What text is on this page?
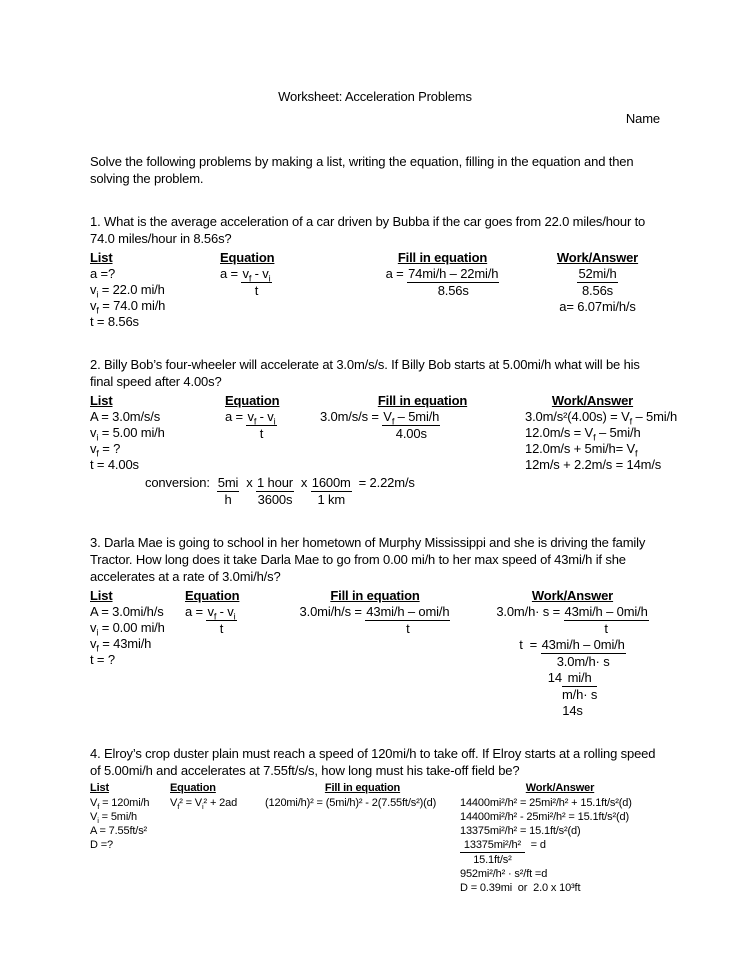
Worksheet: Acceleration Problems
Name

Solve the following problems by making a list, writing the equation, filling in the equation and then solving the problem.

1. What is the average acceleration of a car driven by Bubba if the car goes from 22.0 miles/hour to 74.0 miles/hour in 8.56s?

List
a =?
$v_i = 22.0$ mi/h
$v_f = 74.0$ mi/h
t = 8.56s
Equation
$a = \frac{v_f - v_i}{t}$
Fill in equation
$a = \frac{74mi/h - 22mi/h}{8.56s}$
Work/Answer
$\frac{52mi/h}{8.56s}$
a= 6.07mi/h/s

2. Billy Bob’s four-wheeler will accelerate at 3.0m/s/s. If Billy Bob starts at 5.00mi/h what will be his final speed after 4.00s?

List
A = 3.0m/s/s
$v_i = 5.00$ mi/h
$v_f$ = ?
t = 4.00s
Equation
$a = \frac{v_f - v_i}{t}$
Fill in equation
$3.0m/s/s = \frac{V_f - 5mi/h}{4.00s}$
Work/Answer
$3.0m/s^2(4.00s) = V_f - 5mi/h$
$12.0m/s = V_f - 5mi/h$
$12.0m/s + 5mi/h= V_f$
12m/s + 2.2m/s = 14m/s
conversion: $\frac{5mi}{h}$ x $\frac{\text{1 hour}}{3600s}$ x $\frac{1600m}{1 km} = 2.22m/s$

3. Darla Mae is going to school in her hometown of Murphy Mississippi and she is driving the family Tractor. How long does it take Darla Mae to go from 0.00 mi/h to her max speed of 43mi/h if she accelerates at a rate of 3.0mi/h/s?

List
A = 3.0mi/h/s
$v_i = 0.00$ mi/h
$v_f = 43mi/h$
t = ?
Equation
$a = \frac{v_f - v_i}{t}$
Fill in equation
$3.0mi/h/s = \frac{\text{43mi/h – omi/h}}{t}$
Work/Answer
$3.0m/h\cdot s = \frac{43mi/h - 0mi/h}{t}$
$t = \frac{43mi/h - 0mi/h}{3.0m/h\cdot s}$
$14 \frac{mi/h}{m/h\cdot s}$
14s

4. Elroy’s crop duster plain must reach a speed of 120mi/h to take off. If Elroy starts at a rolling speed of 5.00mi/h and accelerates at 7.55ft/s/s, how long must his take-off field be?

List
$V_f = 120mi/h$
$V_i = 5mi/h$
A = 7.55ft/s²
D =?
Equation
$V_f^2 = V_i^2 + 2ad$
Fill in equation
(120mi/h)² = (5mi/h)² - 2(7.55ft/s²)(d)
Work/Answer
14400mi²/h² = 25mi²/h² + 15.1ft/s²(d)
14400mi²/h² - 25mi²/h² = 15.1ft/s²(d)
13375mi²/h² = 15.1ft/s²(d)
$\frac{\text{13375mi²/h²}}{\text{15.1ft/s²}} = d$
952mi²/h² · s²/ft =d
D = 0.39mi  or  2.0 x 10³ft
